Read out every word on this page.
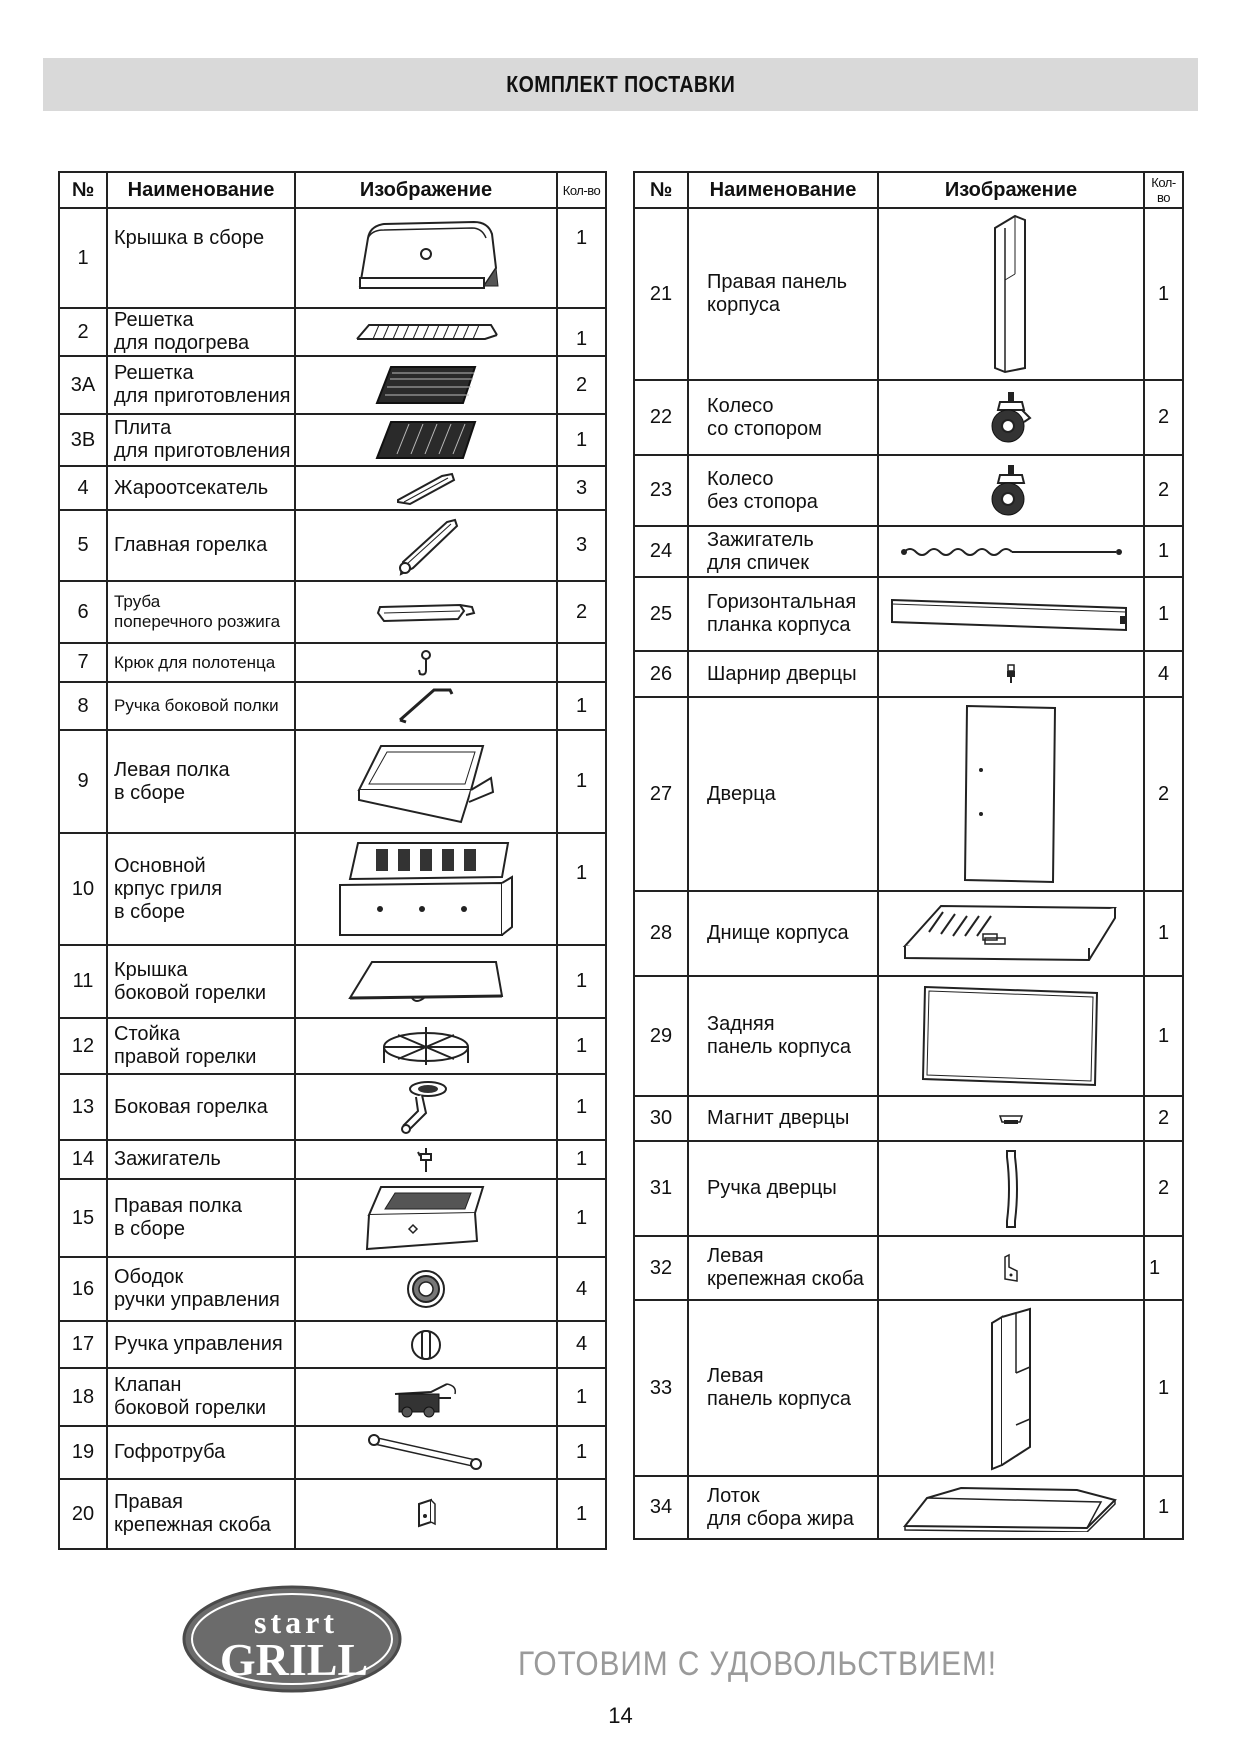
КОМПЛЕКТ ПОСТАВКИ
№	Наименование	Изображение	Кол-во
1	Крышка в сборе		1
2	Решетка
для подогрева		1
3А	Решетка
для приготовления		2
3В	Плита
для приготовления		1
4	Жароотсекатель		3
5	Главная горелка		3
6	Труба
поперечного розжига		2
7	Крюк для полотенца

8	Ручка боковой полки		1
9	Левая полка
в сборе		1
10	Основной
крпус гриля
в сборе		1
11	Крышка
боковой горелки		1
12	Стойка
правой горелки		1
13	Боковая горелка		1
14	Зажигатель		1
15	Правая полка
в сборе		1
16	Ободок
ручки управления		4
17	Ручка управления		4
18	Клапан
боковой горелки		1
19	Гофротруба		1
20	Правая
крепежная скоба		1
№	Наименование	Изображение	Кол-во
21	Правая панель
корпуса		1
22	Колесо
со стопором		2
23	Колесо
без стопора		2
24	Зажигатель
для спичек		1
25	Горизонтальная
планка корпуса		1
26	Шарнир дверцы		4
27	Дверца		2
28	Днище корпуса		1
29	Задняя
панель корпуса		1
30	Магнит дверцы		2
31	Ручка дверцы		2
32	Левая
крепежная скоба		1
33	Левая
панель корпуса		1
34	Лоток
для сбора жира		1
start
GRILL	ГОТОВИМ С УДОВОЛЬСТВИЕМ!
14
